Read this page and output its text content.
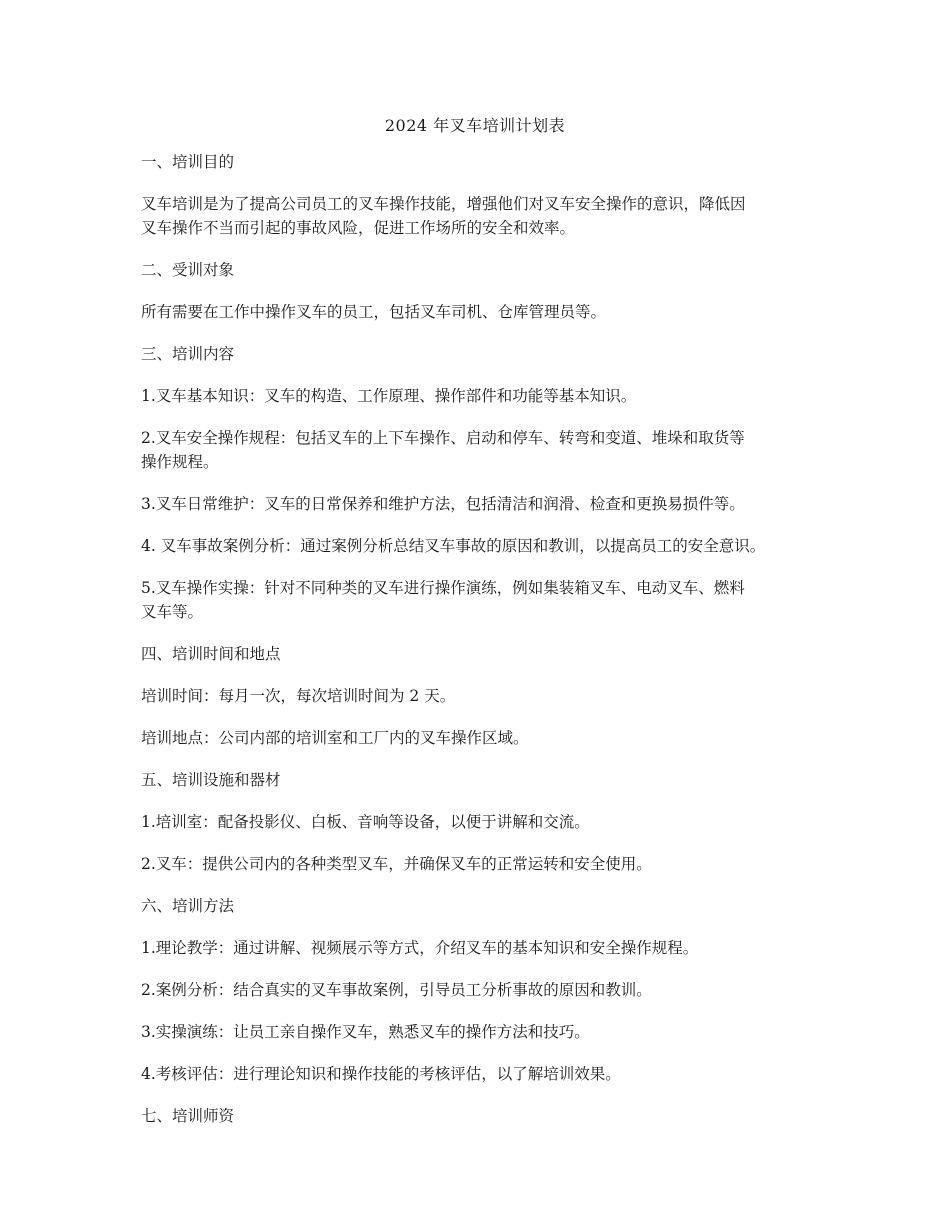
2024 年叉车培训计划表

一、培训目的

叉车培训是为了提高公司员工的叉车操作技能，增强他们对叉车安全操作的意识，降低因

叉车操作不当而引起的事故风险，促进工作场所的安全和效率。

二、受训对象

所有需要在工作中操作叉车的员工，包括叉车司机、仓库管理员等。

三、培训内容

1.叉车基本知识：叉车的构造、工作原理、操作部件和功能等基本知识。

2.叉车安全操作规程：包括叉车的上下车操作、启动和停车、转弯和变道、堆垛和取货等

操作规程。

3.叉车日常维护：叉车的日常保养和维护方法，包括清洁和润滑、检查和更换易损件等。

4. 叉车事故案例分析：通过案例分析总结叉车事故的原因和教训，以提高员工的安全意识。

5.叉车操作实操：针对不同种类的叉车进行操作演练，例如集装箱叉车、电动叉车、燃料

叉车等。

四、培训时间和地点

培训时间：每月一次，每次培训时间为 2 天。

培训地点：公司内部的培训室和工厂内的叉车操作区域。

五、培训设施和器材

1.培训室：配备投影仪、白板、音响等设备，以便于讲解和交流。

2.叉车：提供公司内的各种类型叉车，并确保叉车的正常运转和安全使用。

六、培训方法

1.理论教学：通过讲解、视频展示等方式，介绍叉车的基本知识和安全操作规程。

2.案例分析：结合真实的叉车事故案例，引导员工分析事故的原因和教训。

3.实操演练：让员工亲自操作叉车，熟悉叉车的操作方法和技巧。

4.考核评估：进行理论知识和操作技能的考核评估，以了解培训效果。

七、培训师资
